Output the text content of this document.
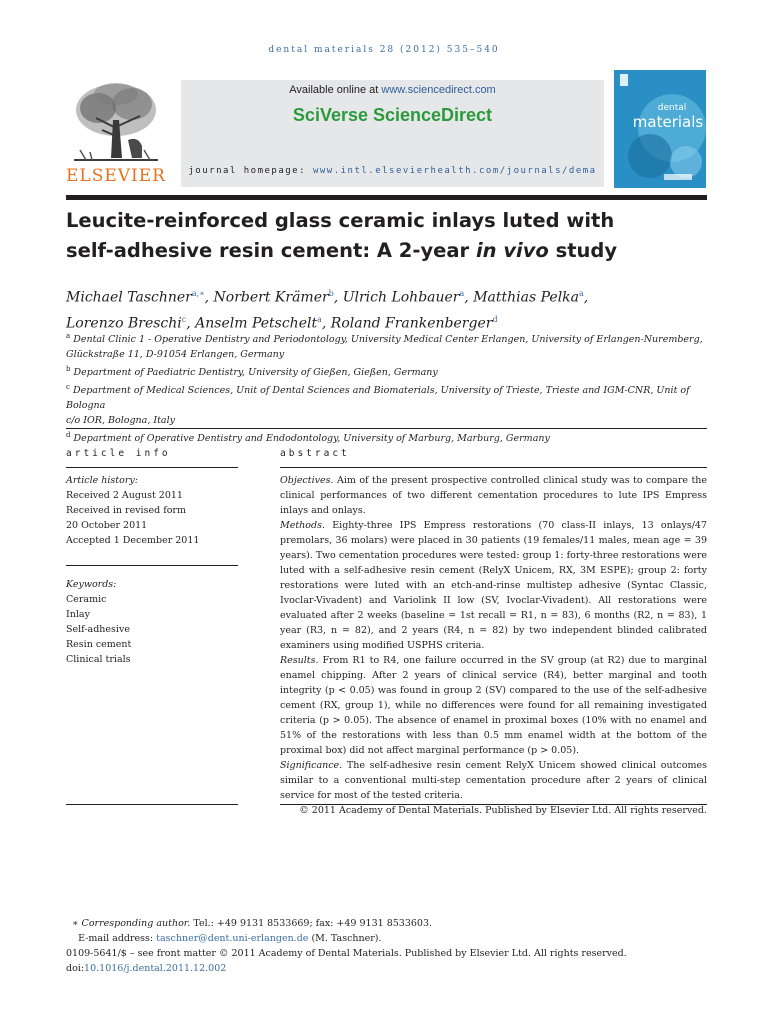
dental materials 28 (2012) 535–540
ELSEVIER
Available online at www.sciencedirect.com
SciVerse ScienceDirect
journal homepage: www.intl.elsevierhealth.com/journals/dema
dental
materials
Leucite-reinforced glass ceramic inlays luted with
self-adhesive resin cement: A 2-year in vivo study
Michael Taschner$^{a,∗}$, Norbert Krämer$^b$, Ulrich Lohbauer$^a$, Matthias Pelka$^a$,
Lorenzo Breschi$^c$, Anselm Petschelt$^a$, Roland Frankenberger$^d$
$^a$ Dental Clinic 1 - Operative Dentistry and Periodontology, University Medical Center Erlangen, University of Erlangen-Nuremberg,
Glückstraße 11, D-91054 Erlangen, Germany
$^b$ Department of Paediatric Dentistry, University of Gießen, Gießen, Germany
$^c$ Department of Medical Sciences, Unit of Dental Sciences and Biomaterials, University of Trieste, Trieste and IGM-CNR, Unit of Bologna
c/o IOR, Bologna, Italy
$^d$ Department of Operative Dentistry and Endodontology, University of Marburg, Marburg, Germany
article info	abstract
Article history:
Received 2 August 2011
Received in revised form
20 October 2011
Accepted 1 December 2011
Keywords:
Ceramic
Inlay
Self-adhesive
Resin cement
Clinical trials

Objectives. Aim of the present prospective controlled clinical study was to compare the clinical performances of two different cementation procedures to lute IPS Empress inlays and onlays.

Methods. Eighty-three IPS Empress restorations (70 class-II inlays, 13 onlays/47 premolars, 36 molars) were placed in 30 patients (19 females/11 males, mean age = 39 years). Two cementation procedures were tested: group 1: forty-three restorations were luted with a self-adhesive resin cement (RelyX Unicem, RX, 3M ESPE); group 2: forty restorations were luted with an etch-and-rinse multistep adhesive (Syntac Classic, Ivoclar-Vivadent) and Variolink II low (SV, Ivoclar-Vivadent). All restorations were evaluated after 2 weeks (baseline = 1st recall = R1, n = 83), 6 months (R2, n = 83), 1 year (R3, n = 82), and 2 years (R4, n = 82) by two independent blinded calibrated examiners using modified USPHS criteria.

Results. From R1 to R4, one failure occurred in the SV group (at R2) due to marginal enamel chipping. After 2 years of clinical service (R4), better marginal and tooth integrity (p < 0.05) was found in group 2 (SV) compared to the use of the self-adhesive cement (RX, group 1), while no differences were found for all remaining investigated criteria (p > 0.05). The absence of enamel in proximal boxes (10% with no enamel and 51% of the restorations with less than 0.5 mm enamel width at the bottom of the proximal box) did not affect marginal performance (p > 0.05).

Significance. The self-adhesive resin cement RelyX Unicem showed clinical outcomes similar to a conventional multi-step cementation procedure after 2 years of clinical service for most of the tested criteria.

© 2011 Academy of Dental Materials. Published by Elsevier Ltd. All rights reserved.

∗ Corresponding author. Tel.: +49 9131 8533669; fax: +49 9131 8533603.
E-mail address: taschner@dent.uni-erlangen.de (M. Taschner).
0109-5641/$ – see front matter © 2011 Academy of Dental Materials. Published by Elsevier Ltd. All rights reserved.
doi:10.1016/j.dental.2011.12.002
